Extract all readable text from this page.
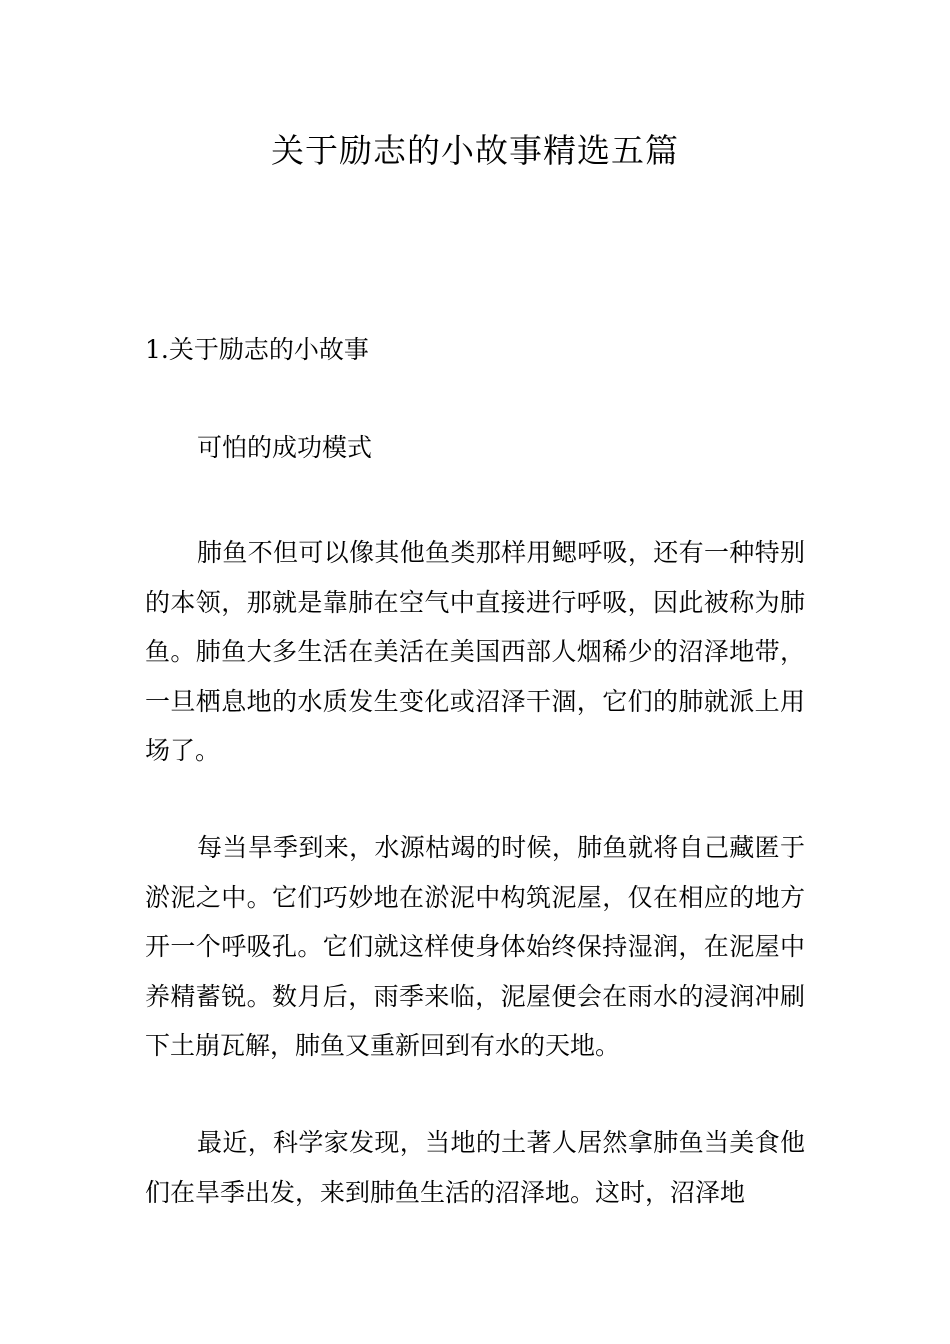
关于励志的小故事精选五篇
1.关于励志的小故事
可怕的成功模式

肺鱼不但可以像其他鱼类那样用鳃呼吸，还有一种特别的本领，那就是靠肺在空气中直接进行呼吸，因此被称为肺鱼。肺鱼大多生活在美活在美国西部人烟稀少的沼泽地带，一旦栖息地的水质发生变化或沼泽干涸，它们的肺就派上用场了。

每当旱季到来，水源枯竭的时候，肺鱼就将自己藏匿于淤泥之中。它们巧妙地在淤泥中构筑泥屋，仅在相应的地方开一个呼吸孔。它们就这样使身体始终保持湿润，在泥屋中养精蓄锐。数月后，雨季来临，泥屋便会在雨水的浸润冲刷下土崩瓦解，肺鱼又重新回到有水的天地。

最近，科学家发现，当地的土著人居然拿肺鱼当美食他们在旱季出发，来到肺鱼生活的沼泽地。这时，沼泽地
